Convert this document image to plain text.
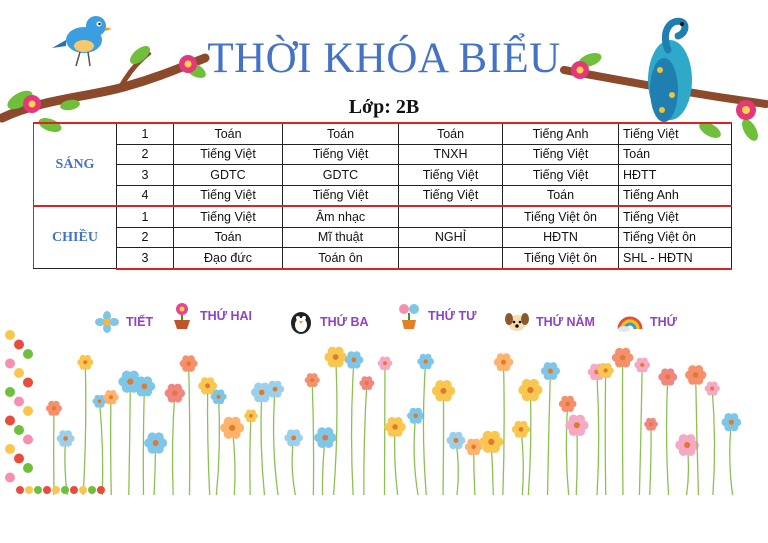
THỜI KHÓA BIỂU
Lớp: 2B
SÁNG	1	Toán	Toán	Toán	Tiếng Anh	Tiếng Việt
	2	Tiếng Việt	Tiếng Việt	TNXH	Tiếng Việt	Toán
	3	GDTC	GDTC	Tiếng Việt	Tiếng Việt	HĐTT
	4	Tiếng Việt	Tiếng Việt	Tiếng Việt	Toán	Tiếng Anh
CHIỀU	1	Tiếng Việt	Âm nhạc		Tiếng Việt ôn	Tiếng Việt
	2	Toán	Mĩ thuật	NGHỈ	HĐTN	Tiếng Việt ôn
	3	Đạo đức	Toán ôn		Tiếng Việt ôn	SHL - HĐTN
TIẾT	THỨ HAI	THỨ BA	THỨ TƯ	THỨ NĂM	THỨ
